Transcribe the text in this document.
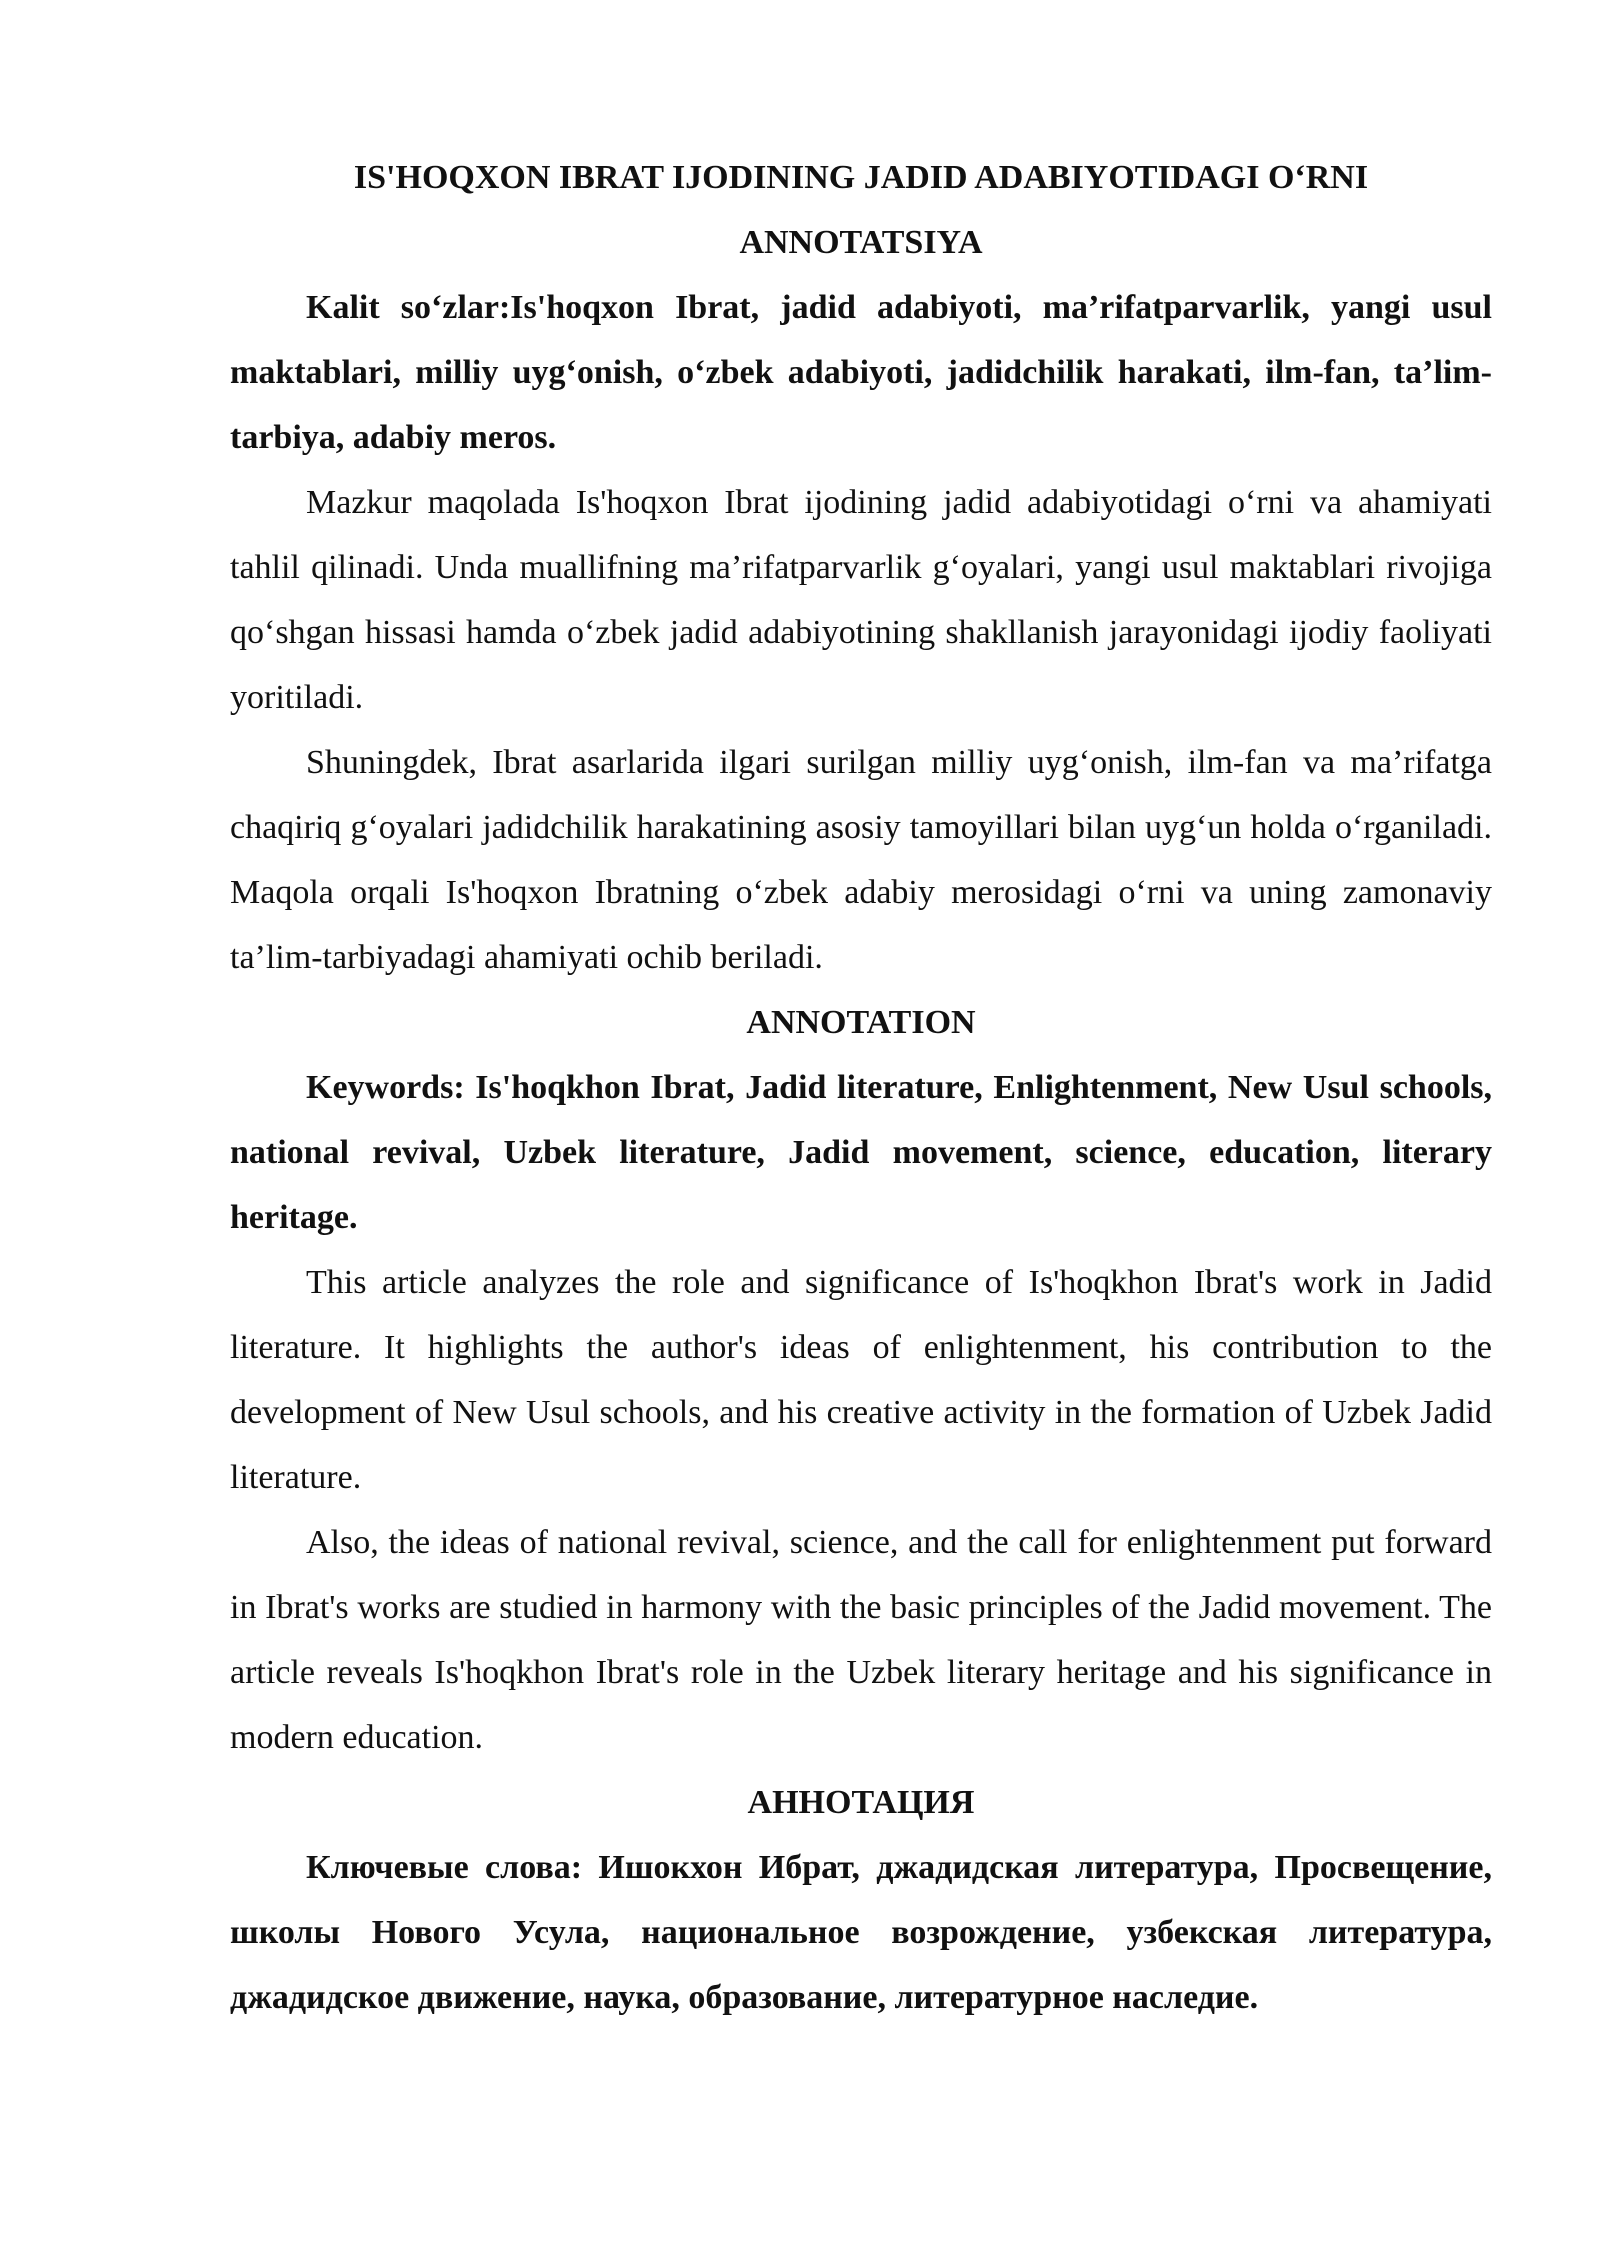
IS'HOQXON IBRAT IJODINING JADID ADABIYOTIDAGI O‘RNI
ANNOTATSIYA

Kalit so‘zlar:Is'hoqxon Ibrat, jadid adabiyoti, ma’rifatparvarlik, yangi usul maktablari, milliy uyg‘onish, o‘zbek adabiyoti, jadidchilik harakati, ilm-fan, ta’lim-tarbiya, adabiy meros.

Mazkur maqolada Is'hoqxon Ibrat ijodining jadid adabiyotidagi o‘rni va ahamiyati tahlil qilinadi. Unda muallifning ma’rifatparvarlik g‘oyalari, yangi usul maktablari rivojiga qo‘shgan hissasi hamda o‘zbek jadid adabiyotining shakllanish jarayonidagi ijodiy faoliyati yoritiladi.

Shuningdek, Ibrat asarlarida ilgari surilgan milliy uyg‘onish, ilm-fan va ma’rifatga chaqiriq g‘oyalari jadidchilik harakatining asosiy tamoyillari bilan uyg‘un holda o‘rganiladi. Maqola orqali Is'hoqxon Ibratning o‘zbek adabiy merosidagi o‘rni va uning zamonaviy ta’lim-tarbiyadagi ahamiyati ochib beriladi.

ANNOTATION

Keywords: Is'hoqkhon Ibrat, Jadid literature, Enlightenment, New Usul schools, national revival, Uzbek literature, Jadid movement, science, education, literary heritage.

This article analyzes the role and significance of Is'hoqkhon Ibrat's work in Jadid literature. It highlights the author's ideas of enlightenment, his contribution to the development of New Usul schools, and his creative activity in the formation of Uzbek Jadid literature.

Also, the ideas of national revival, science, and the call for enlightenment put forward in Ibrat's works are studied in harmony with the basic principles of the Jadid movement. The article reveals Is'hoqkhon Ibrat's role in the Uzbek literary heritage and his significance in modern education.

АННОТАЦИЯ

Ключевые слова: Ишокхон Ибрат, джадидская литература, Просвещение, школы Нового Усула, национальное возрождение, узбекская литература, джадидское движение, наука, образование, литературное наследие.
